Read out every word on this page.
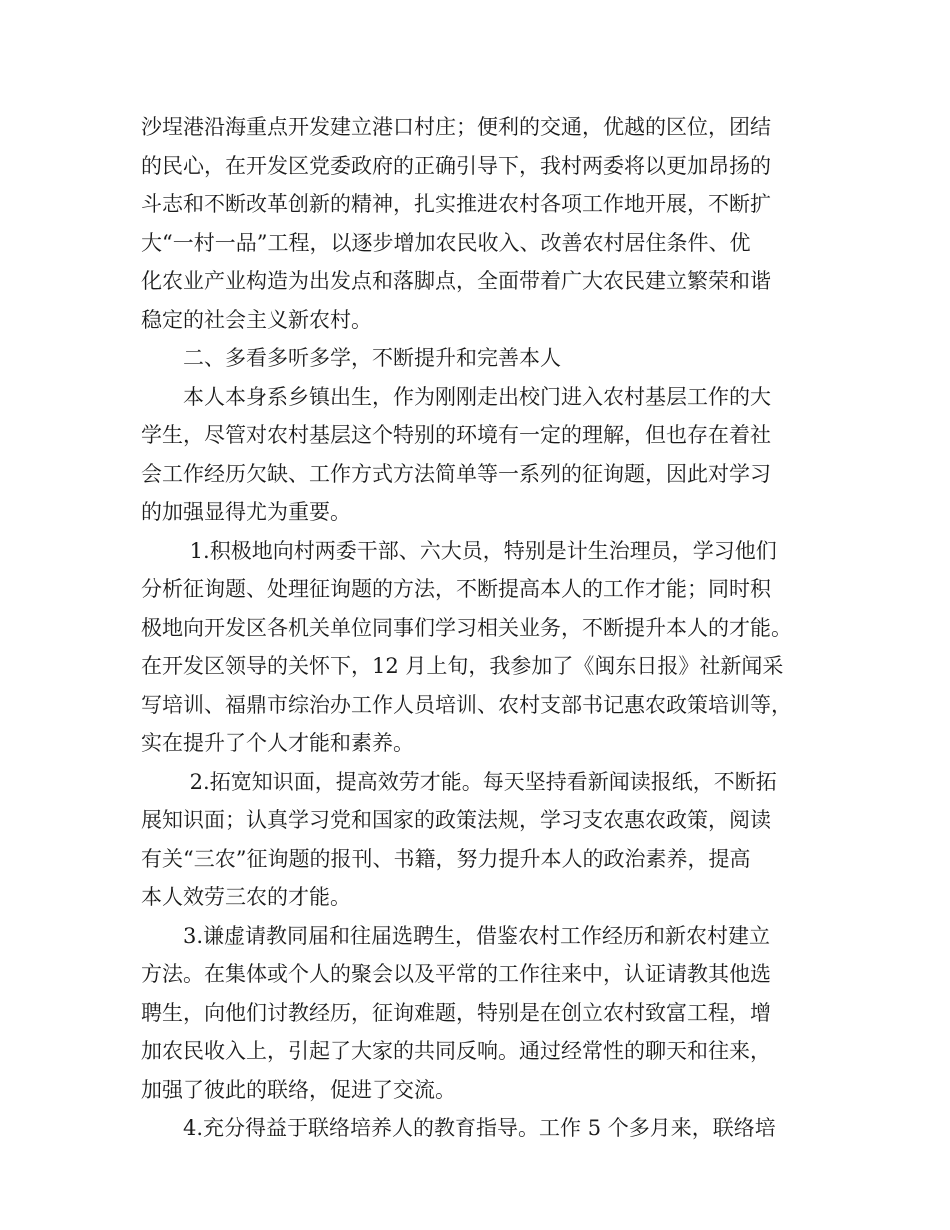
沙埕港沿海重点开发建立港口村庄；便利的交通，优越的区位，团结
的民心，在开发区党委政府的正确引导下，我村两委将以更加昂扬的
斗志和不断改革创新的精神，扎实推进农村各项工作地开展，不断扩
大“一村一品”工程，以逐步增加农民收入、改善农村居住条件、优
化农业产业构造为出发点和落脚点，全面带着广大农民建立繁荣和谐
稳定的社会主义新农村。
　　二、多看多听多学，不断提升和完善本人
　　本人本身系乡镇出生，作为刚刚走出校门进入农村基层工作的大
学生，尽管对农村基层这个特别的环境有一定的理解，但也存在着社
会工作经历欠缺、工作方式方法简单等一系列的征询题，因此对学习
的加强显得尤为重要。
　　 1.积极地向村两委干部、六大员，特别是计生治理员，学习他们
分析征询题、处理征询题的方法，不断提高本人的工作才能；同时积
极地向开发区各机关单位同事们学习相关业务，不断提升本人的才能。
在开发区领导的关怀下，12 月上旬，我参加了《闽东日报》社新闻采
写培训、福鼎市综治办工作人员培训、农村支部书记惠农政策培训等，
实在提升了个人才能和素养。
　　 2.拓宽知识面，提高效劳才能。每天坚持看新闻读报纸，不断拓
展知识面；认真学习党和国家的政策法规，学习支农惠农政策，阅读
有关“三农”征询题的报刊、书籍，努力提升本人的政治素养，提高
本人效劳三农的才能。
　　3.谦虚请教同届和往届选聘生，借鉴农村工作经历和新农村建立
方法。在集体或个人的聚会以及平常的工作往来中，认证请教其他选
聘生，向他们讨教经历，征询难题，特别是在创立农村致富工程，增
加农民收入上，引起了大家的共同反响。通过经常性的聊天和往来，
加强了彼此的联络，促进了交流。
　　4.充分得益于联络培养人的教育指导。工作 5 个多月来，联络培
